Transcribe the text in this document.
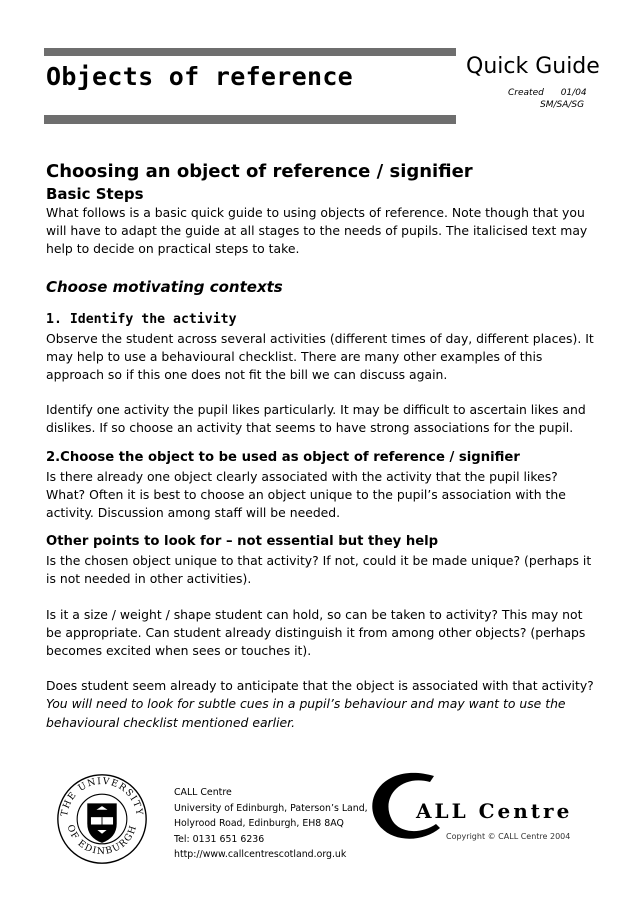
Objects of reference	Quick Guide
Created 01/04
SM/SA/SG
Choosing an object of reference / signifier
Basic Steps

What follows is a basic quick guide to using objects of reference. Note though that you will have to adapt the guide at all stages to the needs of pupils. The italicised text may help to decide on practical steps to take.

Choose motivating contexts
1. Identify the activity

Observe the student across several activities (different times of day, different places). It may help to use a behavioural checklist. There are many other examples of this approach so if this one does not fit the bill we can discuss again.

Identify one activity the pupil likes particularly. It may be difficult to ascertain likes and dislikes. If so choose an activity that seems to have strong associations for the pupil.

2.Choose the object to be used as object of reference / signifier

Is there already one object clearly associated with the activity that the pupil likes? What? Often it is best to choose an object unique to the pupil’s association with the activity. Discussion among staff will be needed.

Other points to look for – not essential but they help

Is the chosen object unique to that activity? If not, could it be made unique? (perhaps it is not needed in other activities).

Is it a size / weight / shape student can hold, so can be taken to activity? This may not be appropriate. Can student already distinguish it from among other objects? (perhaps becomes excited when sees or touches it).

Does student seem already to anticipate that the object is associated with that activity?

You will need to look for subtle cues in a pupil’s behaviour and may want to use the behavioural checklist mentioned earlier.

THE UNIVERSITY
OF EDINBURGH
CALL Centre
University of Edinburgh, Paterson’s Land,
Holyrood Road, Edinburgh, EH8 8AQ
Tel: 0131 651 6236
http://www.callcentrescotland.org.uk
ALL Centre
Copyright © CALL Centre 2004
